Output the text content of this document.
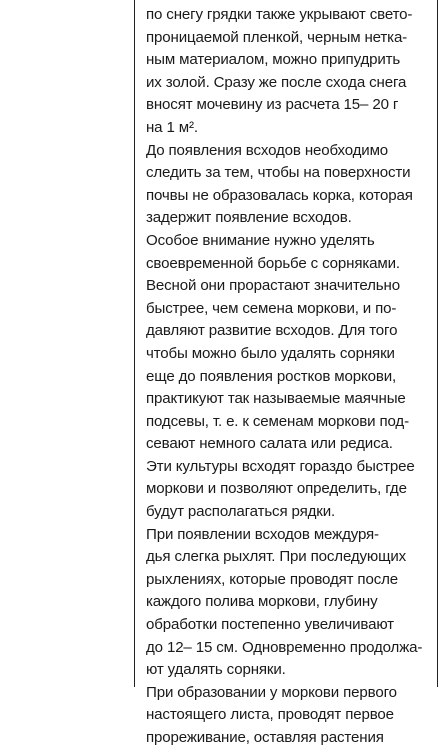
по снегу грядки также укрывают свето-
проницаемой пленкой, черным нетка-
ным материалом, можно припудрить
их золой. Сразу же после схода снега
вносят мочевину из расчета 15– 20 г
на 1 м².
До появления всходов необходимо
следить за тем, чтобы на поверхности
почвы не образовалась корка, которая
задержит появление всходов.
Особое внимание нужно уделять
своевременной борьбе с сорняками.
Весной они прорастают значительно
быстрее, чем семена моркови, и по-
давляют развитие всходов. Для того
чтобы можно было удалять сорняки
еще до появления ростков моркови,
практикуют так называемые маячные
подсевы, т. е. к семенам моркови под-
севают немного салата или редиса.
Эти культуры всходят гораздо быстрее
моркови и позволяют определить, где
будут располагаться рядки.
При появлении всходов междуря-
дья слегка рыхлят. При последующих
рыхлениях, которые проводят после
каждого полива моркови, глубину
обработки постепенно увеличивают
до 12– 15 см. Одновременно продолжа-
ют удалять сорняки.
При образовании у моркови первого
настоящего листа, проводят первое
прореживание, оставляя растения
